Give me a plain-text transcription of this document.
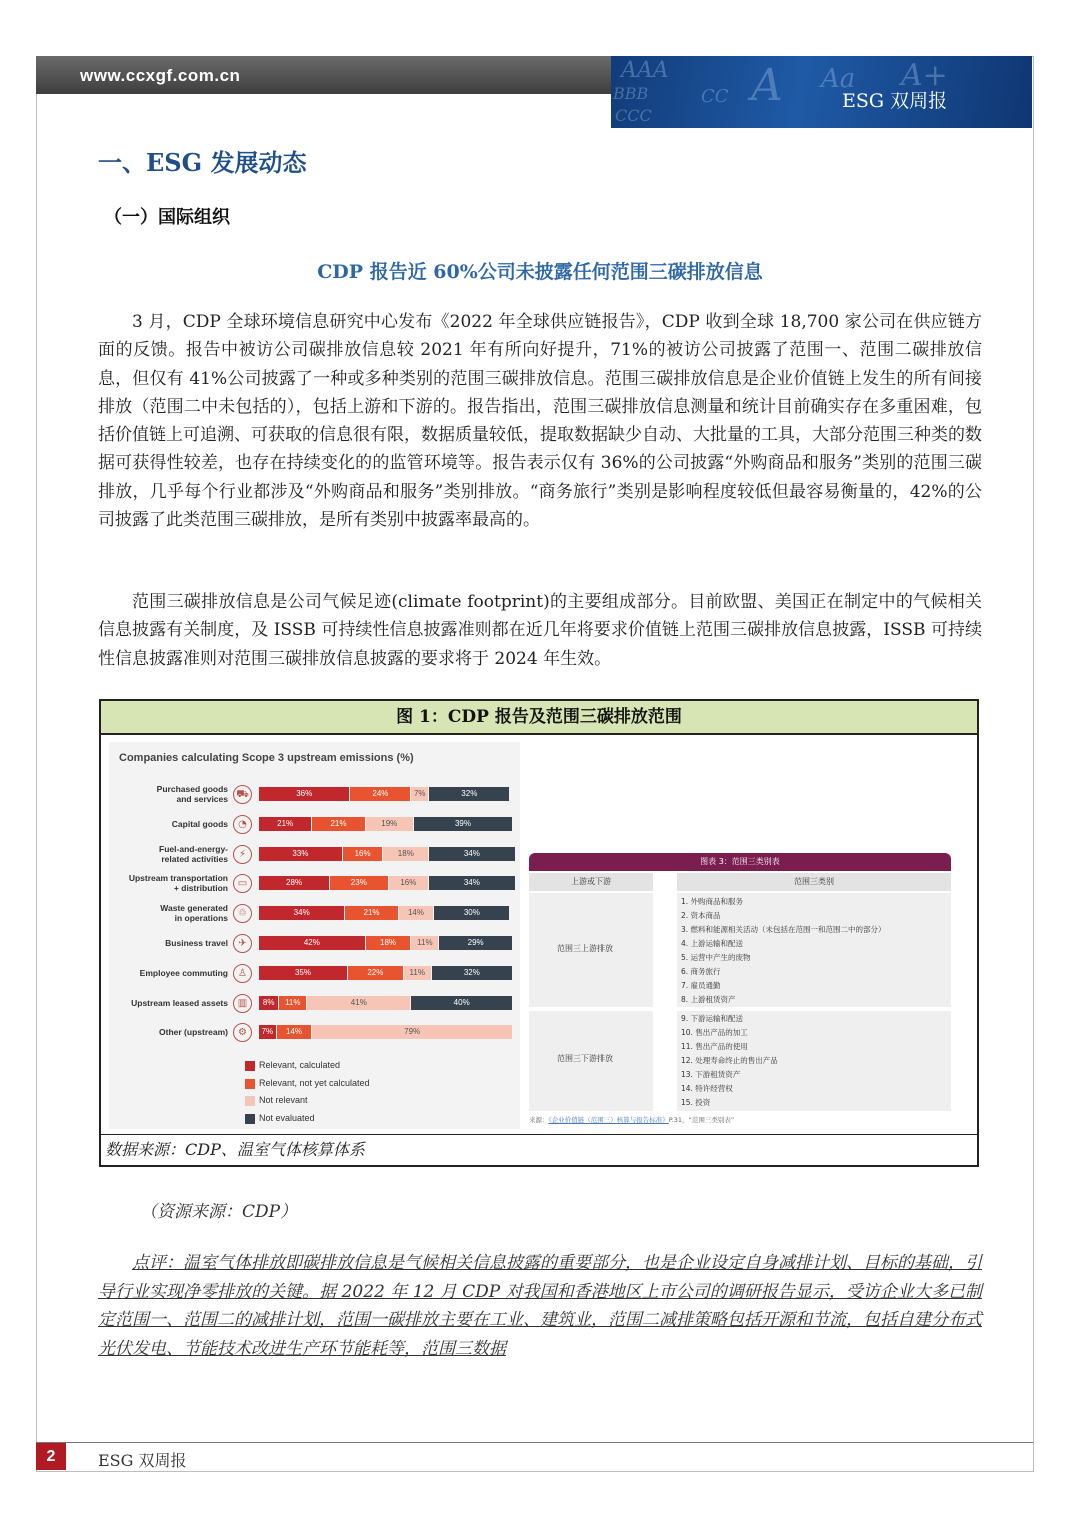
www.ccxgf.com.cn	AAA
BBB	CC A Aa
CCC
A+
ESG 双周报
一、ESG 发展动态
（一）国际组织
CDP 报告近 60%公司未披露任何范围三碳排放信息
3 月，CDP 全球环境信息研究中心发布《2022 年全球供应链报告》，CDP 收到全球 18,700 家公司在供应链方面的反馈。报告中被访公司碳排放信息较 2021 年有所向好提升，71%的被访公司披露了范围一、范围二碳排放信息，但仅有 41%公司披露了一种或多种类别的范围三碳排放信息。范围三碳排放信息是企业价值链上发生的所有间接排放（范围二中未包括的），包括上游和下游的。报告指出，范围三碳排放信息测量和统计目前确实存在多重困难，包括价值链上可追溯、可获取的信息很有限，数据质量较低，提取数据缺少自动、大批量的工具，大部分范围三种类的数据可获得性较差，也存在持续变化的的监管环境等。报告表示仅有 36%的公司披露“外购商品和服务”类别的范围三碳排放，几乎每个行业都涉及“外购商品和服务”类别排放。“商务旅行”类别是影响程度较低但最容易衡量的，42%的公司披露了此类范围三碳排放，是所有类别中披露率最高的。
范围三碳排放信息是公司气候足迹(climate footprint)的主要组成部分。目前欧盟、美国正在制定中的气候相关信息披露有关制度，及 ISSB 可持续性信息披露准则都在近几年将要求价值链上范围三碳排放信息披露，ISSB 可持续性信息披露准则对范围三碳排放信息披露的要求将于 2024 年生效。
图 1：CDP 报告及范围三碳排放范围
Companies calculating Scope 3 upstream emissions (%)
Purchased goods
and services ⛟	36%	24%	7%	32%
Capital goods	◔	21%	21%	19%	39%
Fuel-and-energy-
related activities	⚡	33%	16%	18%	34%
Upstream transportation
+ distribution ▭	28%	23%	16%	34%
Waste generated
in operations	♲	34%	21%	14%	30%
Business travel	✈	42%	18%	11%	29%
Employee commuting	♙	35%	22%	11%	32%
Upstream leased assets ▥	8%	11%	41%	40%
Other (upstream)	⚙	7%	14%	79%
Relevant, calculated
Relevant, not yet calculated
Not relevant
Not evaluated
图表 3：范围三类别表
上游或下游	范围三类别
范围三上游排放
1. 外购商品和服务
2. 资本商品
3. 燃料和能源相关活动（未包括在范围一和范围二中的部分）
4. 上游运输和配送
5. 运营中产生的废物
6. 商务旅行
7. 雇员通勤
8. 上游租赁资产
范围三下游排放
9. 下游运输和配送
10. 售出产品的加工
11. 售出产品的使用
12. 处理寿命终止的售出产品
13. 下游租赁资产
14. 特许经营权
15. 投资
来源：《企业价值链（范围三）核算与报告标准》P.31，“范围三类别表”
数据来源：CDP、温室气体核算体系
（资源来源：CDP）
点评：温室气体排放即碳排放信息是气候相关信息披露的重要部分，也是企业设定自身减排计划、目标的基础，引导行业实现净零排放的关键。据 2022 年 12 月 CDP 对我国和香港地区上市公司的调研报告显示，受访企业大多已制定范围一、范围二的减排计划，范围一碳排放主要在工业、建筑业，范围二减排策略包括开源和节流，包括自建分布式光伏发电、节能技术改进生产环节能耗等，范围三数据
2	ESG 双周报
